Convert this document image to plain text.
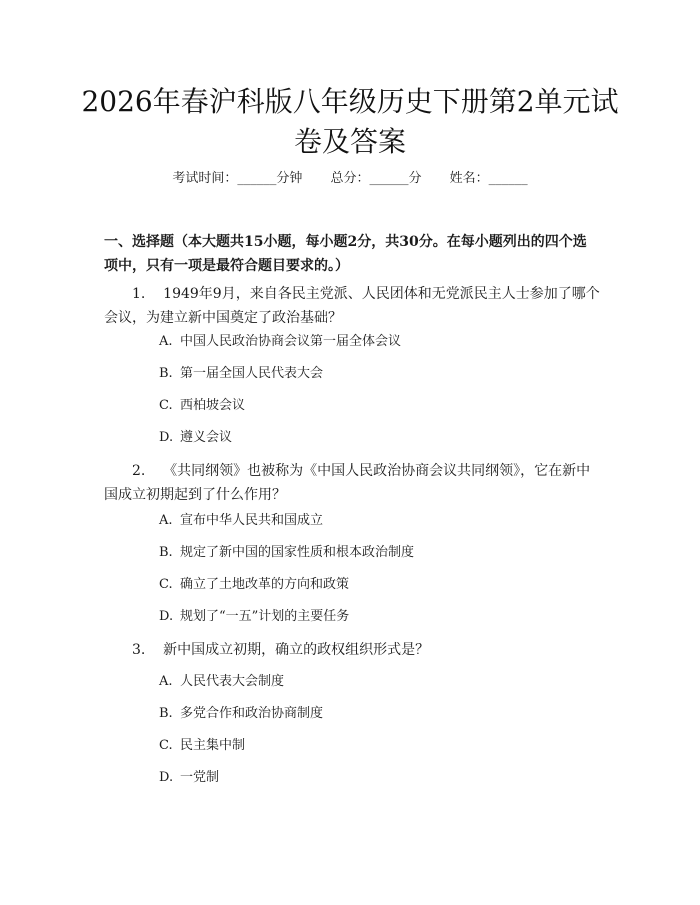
2026年春沪科版八年级历史下册第2单元试卷及答案
考试时间：______分钟 总分：______分 姓名：______

一、选择题（本大题共15小题，每小题2分，共30分。在每小题列出的四个选项中，只有一项是最符合题目要求的。）

1. 1949年9月，来自各民主党派、人民团体和无党派民主人士参加了哪个会议，为建立新中国奠定了政治基础？

A. 中国人民政治协商会议第一届全体会议
B. 第一届全国人民代表大会
C. 西柏坡会议
D. 遵义会议

2. 《共同纲领》也被称为《中国人民政治协商会议共同纲领》，它在新中国成立初期起到了什么作用？

A. 宣布中华人民共和国成立
B. 规定了新中国的国家性质和根本政治制度
C. 确立了土地改革的方向和政策
D. 规划了“一五”计划的主要任务

3. 新中国成立初期，确立的政权组织形式是？

A. 人民代表大会制度
B. 多党合作和政治协商制度
C. 民主集中制
D. 一党制
